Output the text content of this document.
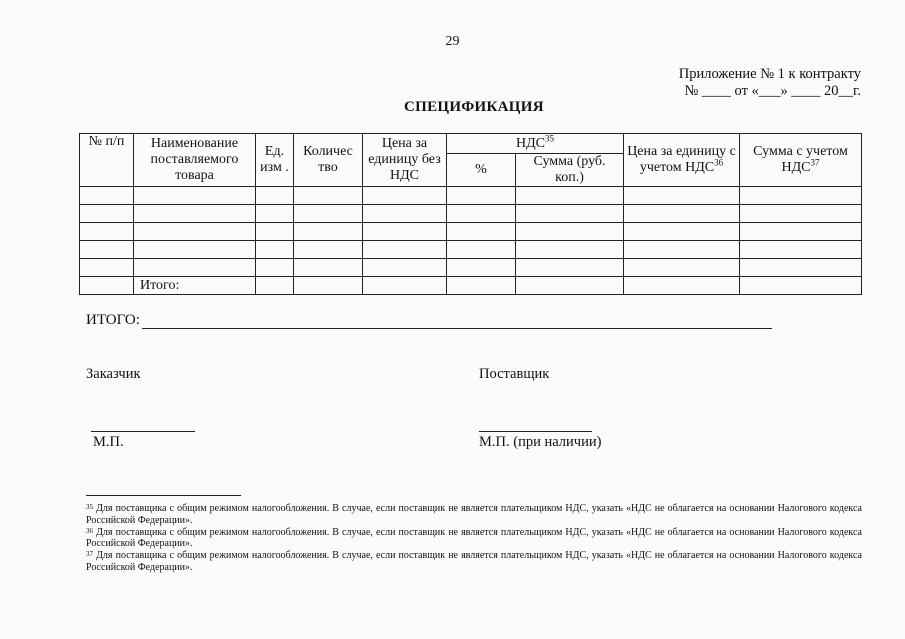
29
Приложение № 1 к контракту
№ ____ от «___» ____ 20__г.
СПЕЦИФИКАЦИЯ
№ п/п	Наименование поставляемого товара	Ед. изм .	Количес тво	Цена за единицу без НДС	НДС$^{35}$		Цена за единицу с учетом НДС$^{36}$	Сумма с учетом НДС$^{37}$
					%	Сумма (руб. коп.)		

	Итого:							
ИТОГО:
Заказчик	Поставщик
М.П.	М.П. (при наличии)

$^{35}$ Для поставщика с общим режимом налогообложения. В случае, если поставщик не является плательщиком НДС, указать «НДС не облагается на основании Налогового кодекса Российской Федерации».

$^{36}$ Для поставщика с общим режимом налогообложения. В случае, если поставщик не является плательщиком НДС, указать «НДС не облагается на основании Налогового кодекса Российской Федерации».

$^{37}$ Для поставщика с общим режимом налогообложения. В случае, если поставщик не является плательщиком НДС, указать «НДС не облагается на основании Налогового кодекса Российской Федерации».
